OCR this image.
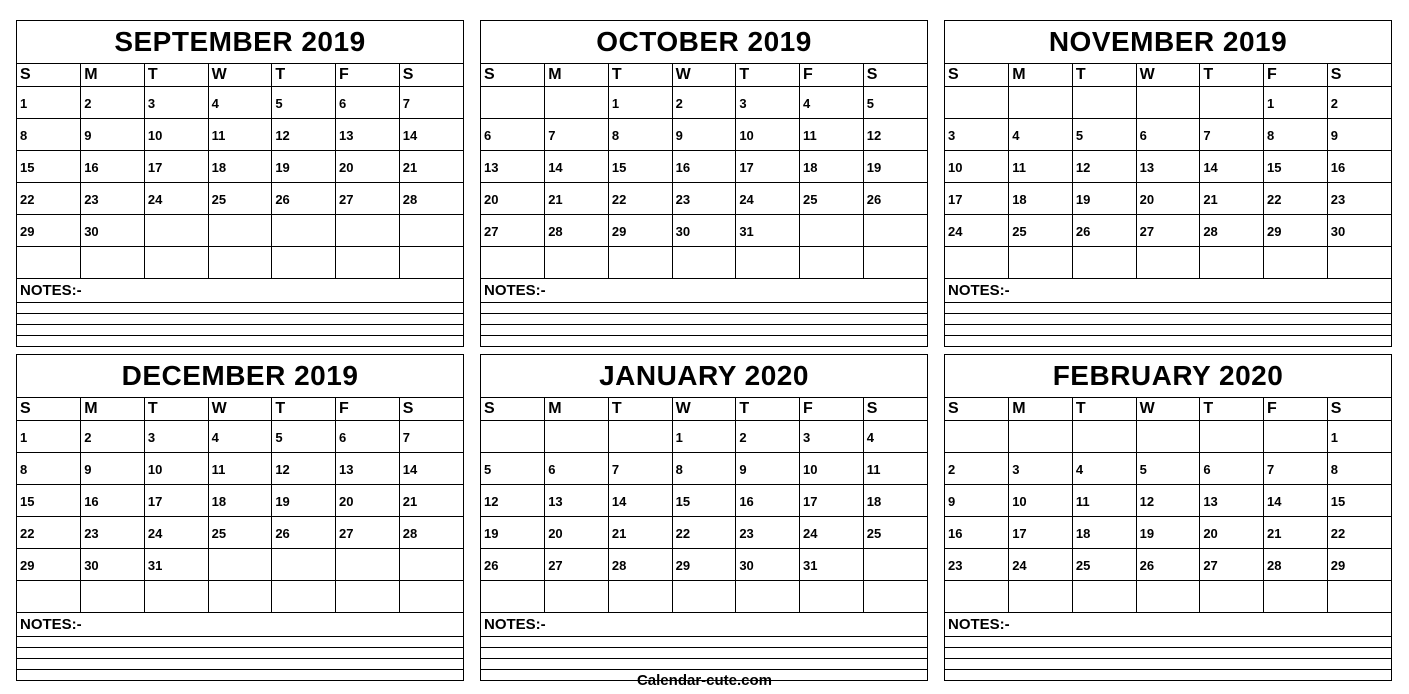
SEPTEMBER 2019
S	M	T	W	T	F	S
1	2	3	4	5	6	7
8	9	10	11	12	13	14
15	16	17	18	19	20	21
22	23	24	25	26	27	28
29	30					

NOTES:-
OCTOBER 2019
S	M	T	W	T	F	S
		1	2	3	4	5
6	7	8	9	10	11	12
13	14	15	16	17	18	19
20	21	22	23	24	25	26
27	28	29	30	31		

NOTES:-
NOVEMBER 2019
S	M	T	W	T	F	S
					1	2
3	4	5	6	7	8	9
10	11	12	13	14	15	16
17	18	19	20	21	22	23
24	25	26	27	28	29	30

NOTES:-
DECEMBER 2019
S	M	T	W	T	F	S
1	2	3	4	5	6	7
8	9	10	11	12	13	14
15	16	17	18	19	20	21
22	23	24	25	26	27	28
29	30	31				

NOTES:-
JANUARY 2020
S	M	T	W	T	F	S
			1	2	3	4
5	6	7	8	9	10	11
12	13	14	15	16	17	18
19	20	21	22	23	24	25
26	27	28	29	30	31	

NOTES:-
FEBRUARY 2020
S	M	T	W	T	F	S
						1
2	3	4	5	6	7	8
9	10	11	12	13	14	15
16	17	18	19	20	21	22
23	24	25	26	27	28	29

NOTES:-
Calendar-cute.com
